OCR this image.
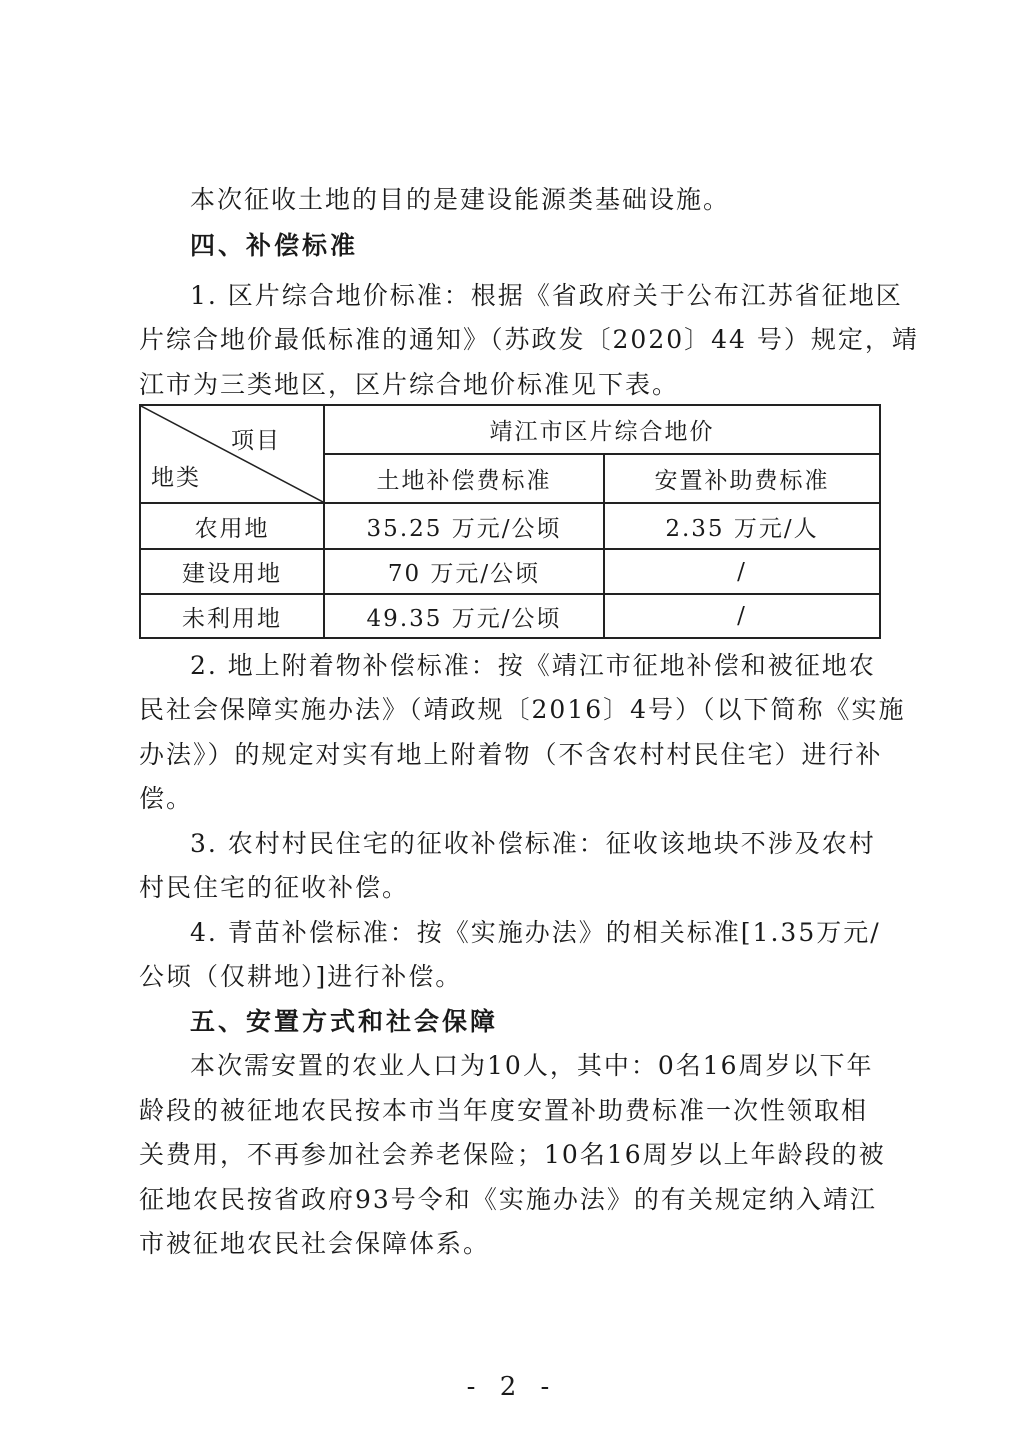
本次征收土地的目的是建设能源类基础设施。

四、补偿标准

1. 区片综合地价标准：根据《省政府关于公布江苏省征地区

片综合地价最低标准的通知》（苏政发〔2020〕44 号）规定，靖

江市为三类地区，区片综合地价标准见下表。

项目
地类	靖江市区片综合地价	
	土地补偿费标准	安置补助费标准
农用地	35.25 万元/公顷	2.35 万元/人
建设用地	70 万元/公顷	/
未利用地	49.35 万元/公顷	/

2. 地上附着物补偿标准：按《靖江市征地补偿和被征地农

民社会保障实施办法》（靖政规〔2016〕4号）（以下简称《实施

办法》）的规定对实有地上附着物（不含农村村民住宅）进行补

偿。

3. 农村村民住宅的征收补偿标准：征收该地块不涉及农村

村民住宅的征收补偿。

4. 青苗补偿标准：按《实施办法》的相关标准[1.35万元/

公顷（仅耕地）]进行补偿。

五、安置方式和社会保障

本次需安置的农业人口为10人，其中：0名16周岁以下年

龄段的被征地农民按本市当年度安置补助费标准一次性领取相

关费用，不再参加社会养老保险；10名16周岁以上年龄段的被

征地农民按省政府93号令和《实施办法》的有关规定纳入靖江

市被征地农民社会保障体系。

- 2 -
